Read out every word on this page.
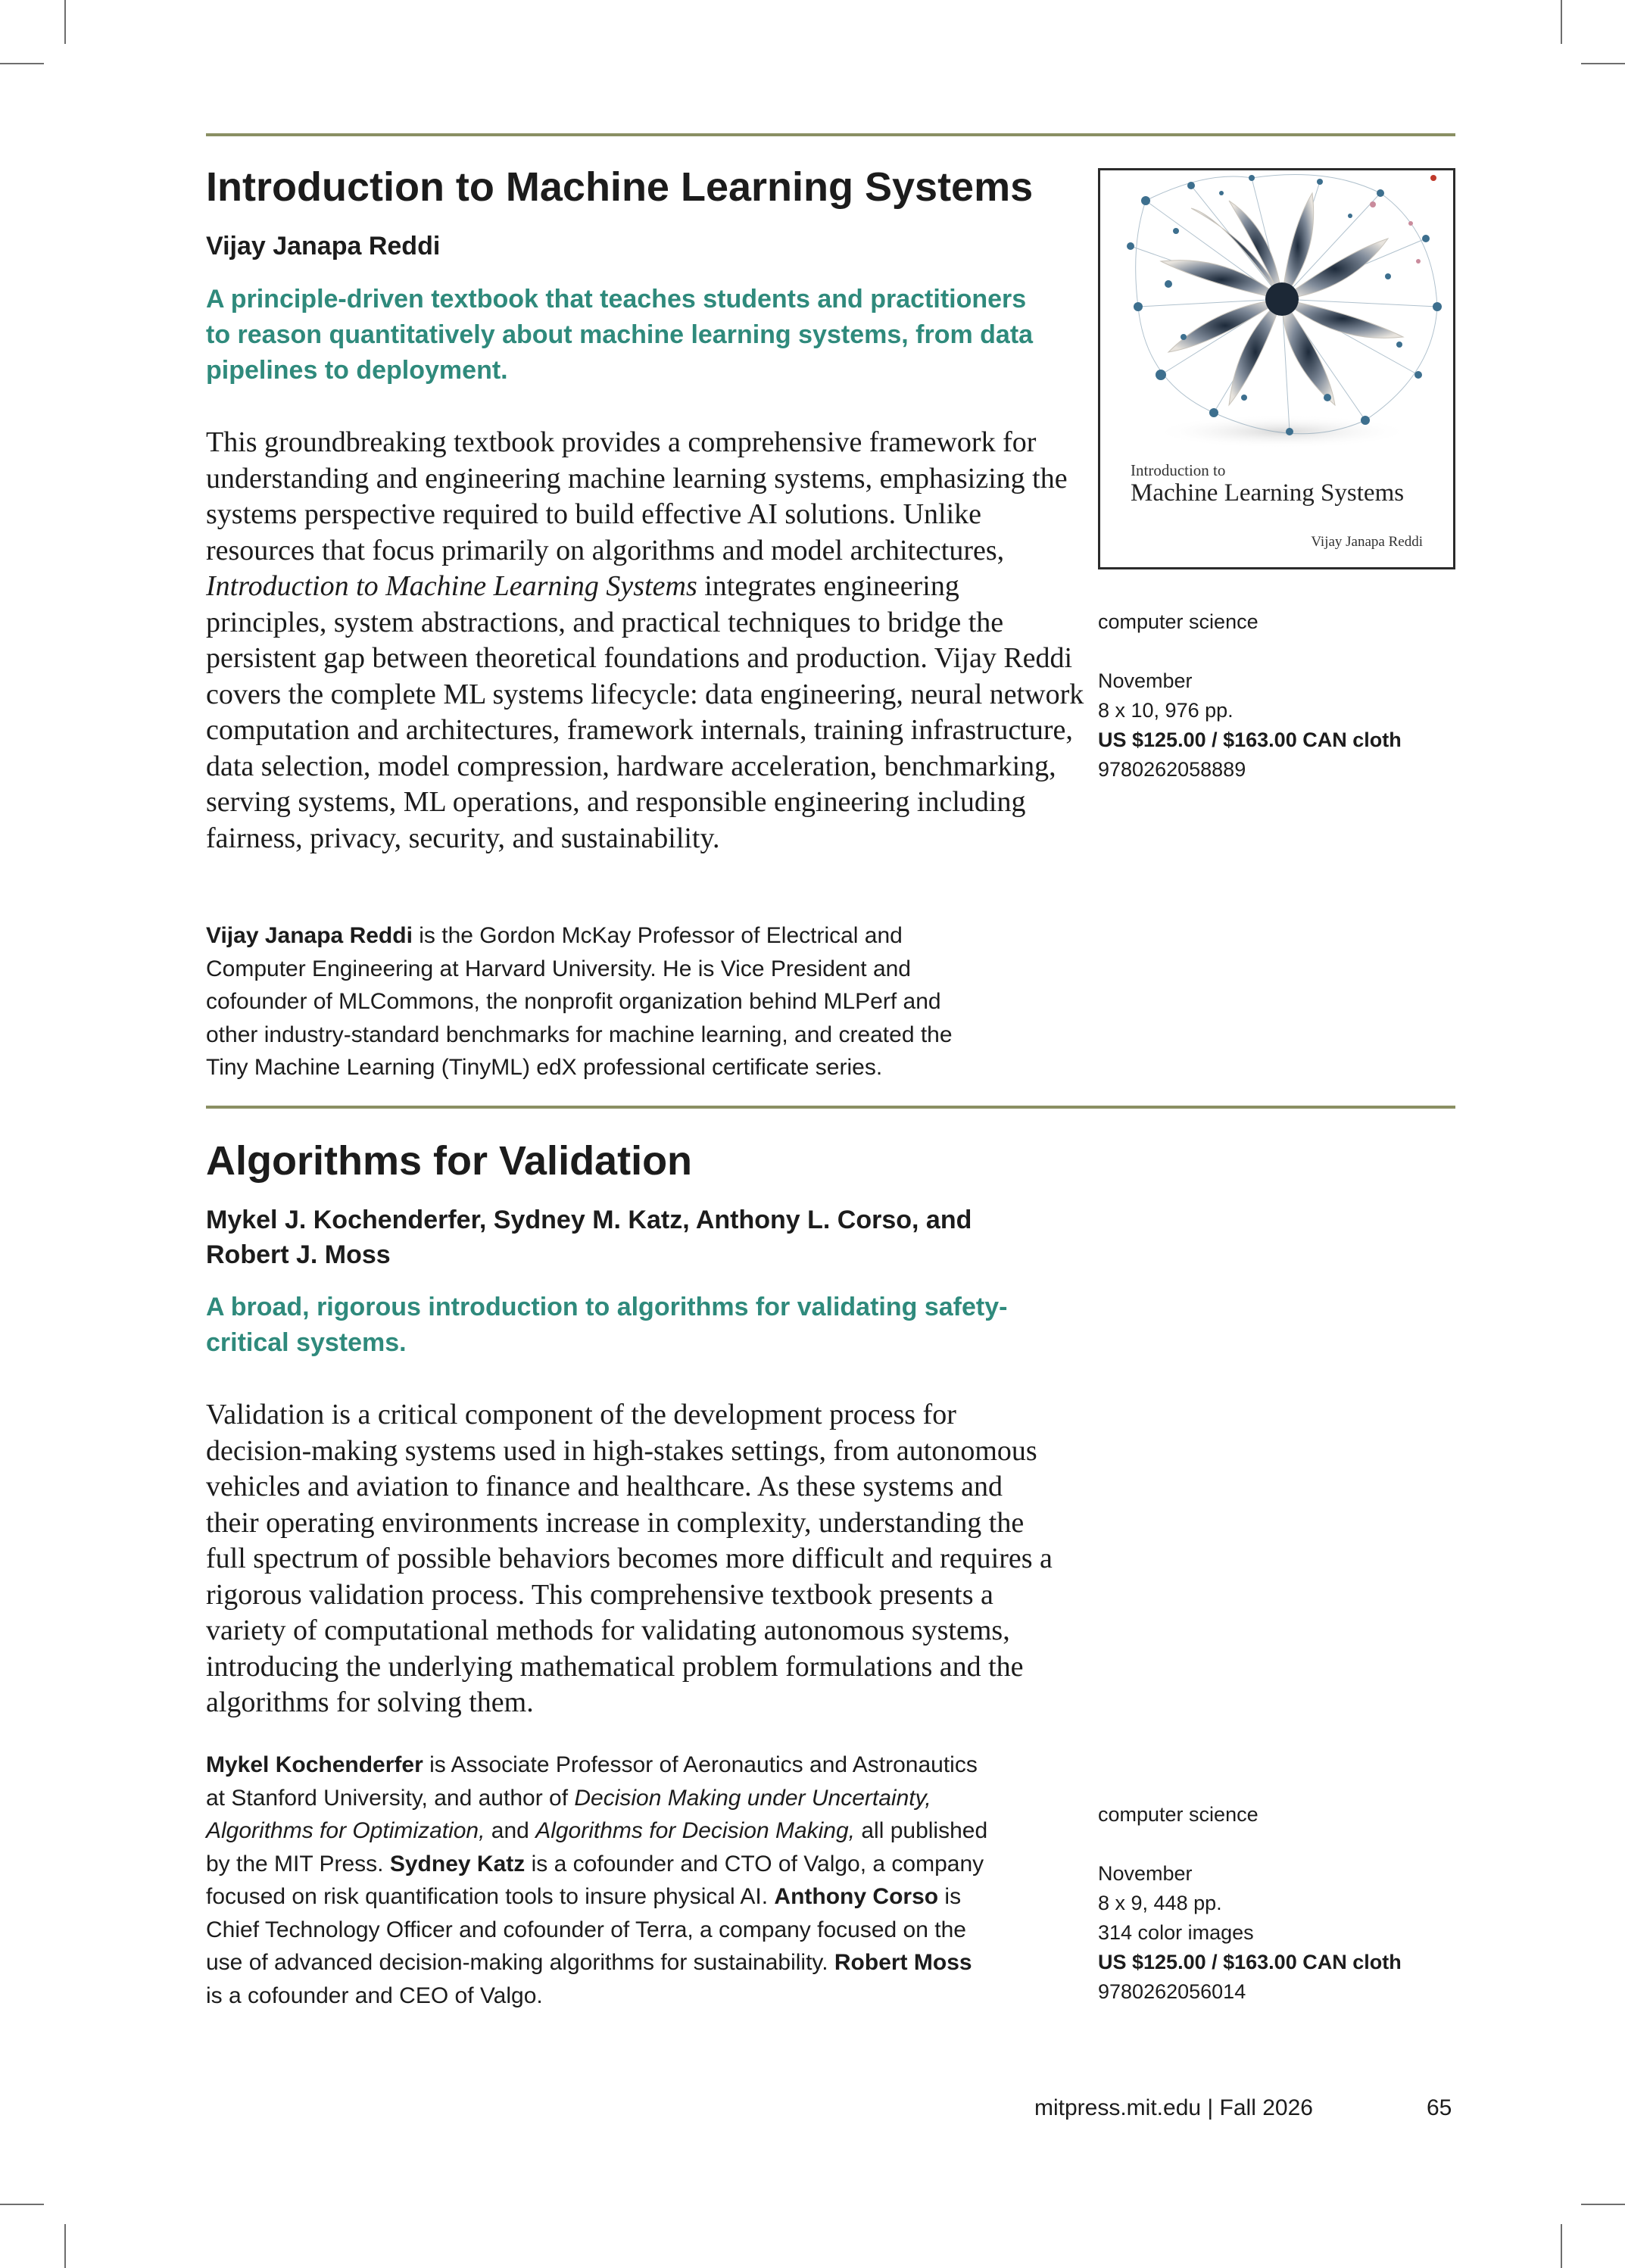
Introduction to Machine Learning Systems

Vijay Janapa Reddi

A principle-driven textbook that teaches students and practitioners
to reason quantitatively about machine learning systems, from data
pipelines to deployment.

This groundbreaking textbook provides a comprehensive framework for understanding and engineering machine learning systems, emphasizing the systems perspective required to build effective AI solutions. Unlike resources that focus primarily on algorithms and model architectures, Introduction to Machine Learning Systems integrates engineering principles, system abstractions, and practical techniques to bridge the persistent gap between theoretical foundations and production. Vijay Reddi covers the complete ML systems lifecycle: data engineering, neural network computation and architectures, framework internals, training infrastructure, data selection, model compression, hardware acceleration, benchmarking, serving systems, ML operations, and responsible engineering including fairness, privacy, security, and sustainability.

Vijay Janapa Reddi is the Gordon McKay Professor of Electrical and
Computer Engineering at Harvard University. He is Vice President and
cofounder of MLCommons, the nonprofit organization behind MLPerf and
other industry-standard benchmarks for machine learning, and created the
Tiny Machine Learning (TinyML) edX professional certificate series.

Introduction to
Machine Learning Systems
Vijay Janapa Reddi
computer science
November
8 x 10, 976 pp.
US $125.00 / $163.00 CAN cloth
9780262058889
Algorithms for Validation

Mykel J. Kochenderfer, Sydney M. Katz, Anthony L. Corso, and
Robert J. Moss

A broad, rigorous introduction to algorithms for validating safety-
critical systems.

Validation is a critical component of the development process for decision-making systems used in high-stakes settings, from autonomous vehicles and aviation to finance and healthcare. As these systems and their operating environments increase in complexity, understanding the full spectrum of possible behaviors becomes more difficult and requires a rigorous validation process. This comprehensive textbook presents a variety of computational methods for validating autonomous systems, introducing the underlying mathematical problem formulations and the algorithms for solving them.

Mykel Kochenderfer is Associate Professor of Aeronautics and Astronautics
at Stanford University, and author of Decision Making under Uncertainty,
Algorithms for Optimization, and Algorithms for Decision Making, all published
by the MIT Press. Sydney Katz is a cofounder and CTO of Valgo, a company
focused on risk quantification tools to insure physical AI. Anthony Corso is
Chief Technology Officer and cofounder of Terra, a company focused on the
use of advanced decision-making algorithms for sustainability. Robert Moss
is a cofounder and CEO of Valgo.

computer science
November
8 x 9, 448 pp.
314 color images
US $125.00 / $163.00 CAN cloth
9780262056014
mitpress.mit.edu | Fall 2026	65
